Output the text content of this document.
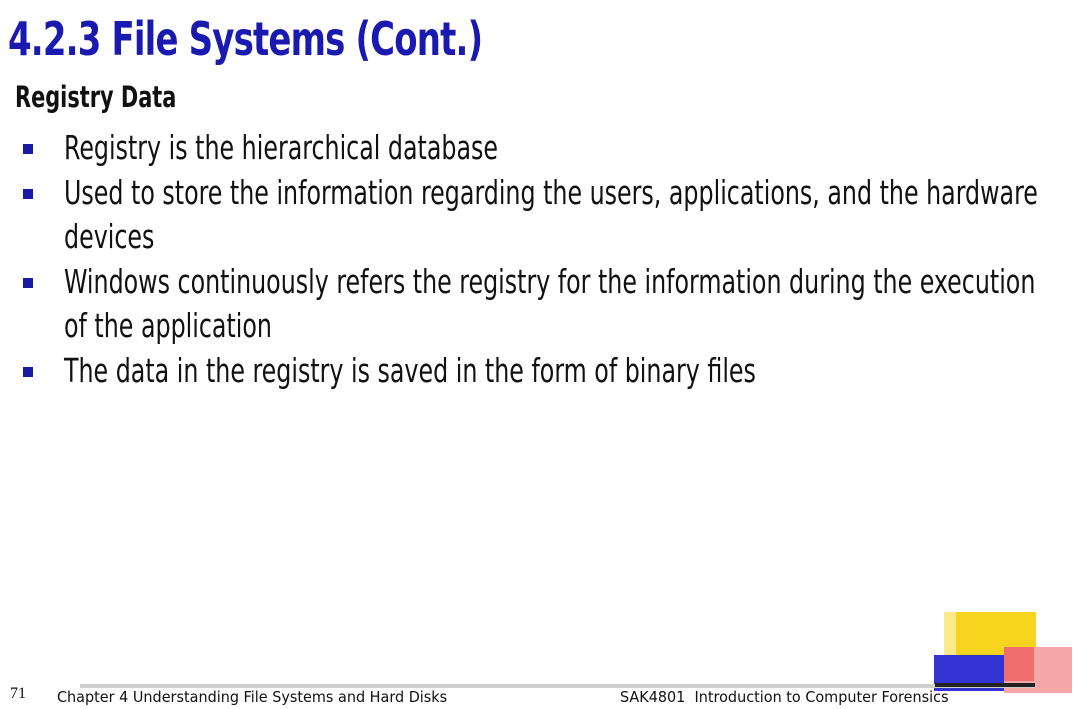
4.2.3 File Systems (Cont.)
Registry Data
Registry is the hierarchical database
Used to store the information regarding the users, applications, and the hardware devices
Windows continuously refers the registry for the information during the execution of the application
The data in the registry is saved in the form of binary files

71 Chapter 4 Understanding File Systems and Hard Disks	SAK4801  Introduction to Computer Forensics
